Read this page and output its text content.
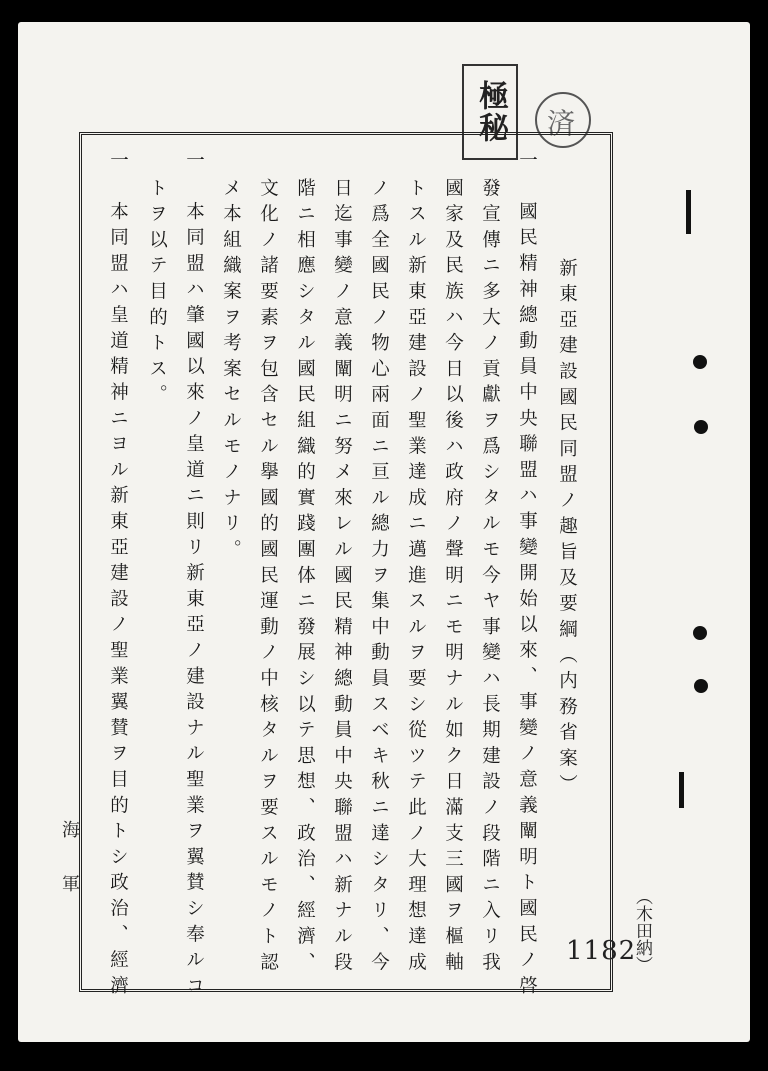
極秘	済
新東亞建設國民同盟ノ趣旨及要綱（内務省案）
一　國民精神總動員中央聯盟ハ事變開始以來、事變ノ意義闡明ト國民ノ啓
發宣傳ニ多大ノ貢獻ヲ爲シタルモ今ヤ事變ハ長期建設ノ段階ニ入リ我
國家及民族ハ今日以後ハ政府ノ聲明ニモ明ナル如ク日滿支三國ヲ樞軸
トスル新東亞建設ノ聖業達成ニ邁進スルヲ要シ從ツテ此ノ大理想達成
ノ爲全國民ノ物心兩面ニ亘ル總力ヲ集中動員スベキ秋ニ達シタリ、今
日迄事變ノ意義闡明ニ努メ來レル國民精神總動員中央聯盟ハ新ナル段
階ニ相應シタル國民組織的實踐團体ニ發展シ以テ思想、政治、經濟、
文化ノ諸要素ヲ包含セル擧國的國民運動ノ中核タルヲ要スルモノト認
メ本組織案ヲ考案セルモノナリ。
一　本同盟ハ肇國以來ノ皇道ニ則リ新東亞ノ建設ナル聖業ヲ翼賛シ奉ルコ
トヲ以テ目的トス。
一　本同盟ハ皇道精神ニヨル新東亞建設ノ聖業翼賛ヲ目的トシ政治、經濟	（木田納）
海　　軍
1182
